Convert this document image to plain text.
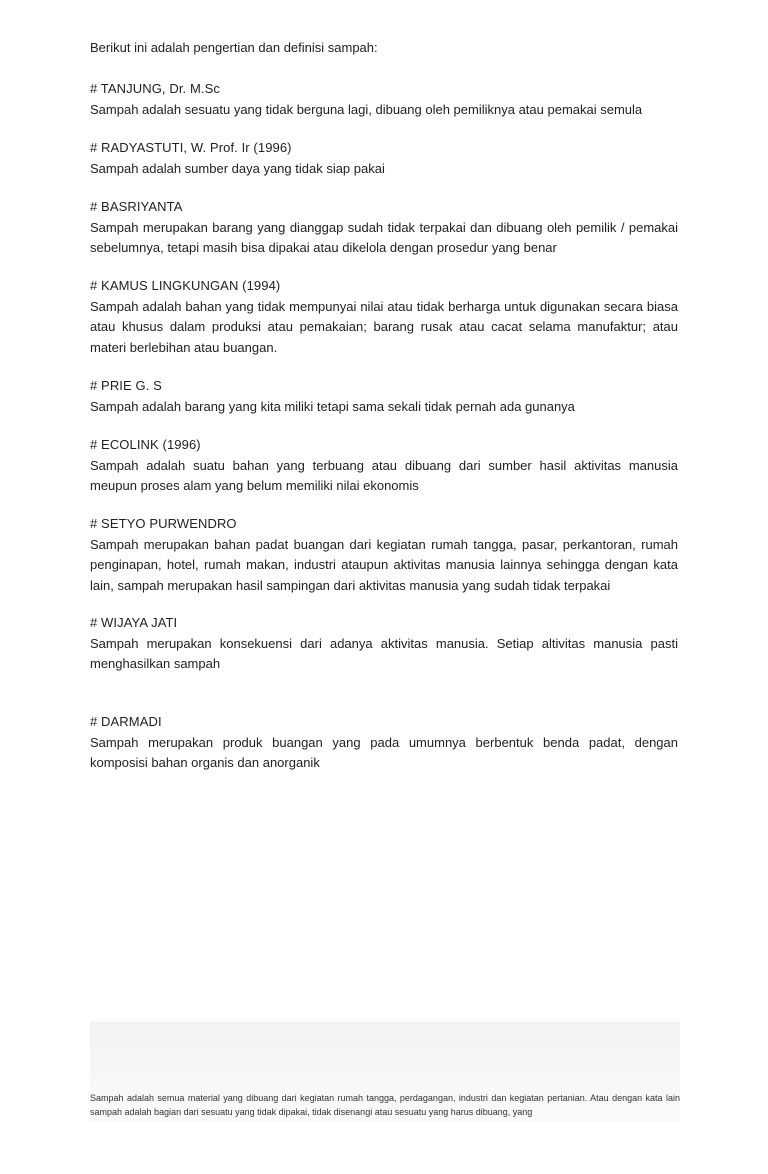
Berikut ini adalah pengertian dan definisi sampah:
# TANJUNG, Dr. M.Sc
Sampah adalah sesuatu yang tidak berguna lagi, dibuang oleh pemiliknya atau pemakai semula
# RADYASTUTI, W. Prof. Ir (1996)
Sampah adalah sumber daya yang tidak siap pakai
# BASRIYANTA
Sampah merupakan barang yang dianggap sudah tidak terpakai dan dibuang oleh pemilik / pemakai sebelumnya, tetapi masih bisa dipakai atau dikelola dengan prosedur yang benar
# KAMUS LINGKUNGAN (1994)
Sampah adalah bahan yang tidak mempunyai nilai atau tidak berharga untuk digunakan secara biasa atau khusus dalam produksi atau pemakaian; barang rusak atau cacat selama manufaktur; atau materi berlebihan atau buangan.
# PRIE G. S
Sampah adalah barang yang kita miliki tetapi sama sekali tidak pernah ada gunanya
# ECOLINK (1996)
Sampah adalah suatu bahan yang terbuang atau dibuang dari sumber hasil aktivitas manusia meupun proses alam yang belum memiliki nilai ekonomis
# SETYO PURWENDRO
Sampah merupakan bahan padat buangan dari kegiatan rumah tangga, pasar, perkantoran, rumah penginapan, hotel, rumah makan, industri ataupun aktivitas manusia lainnya sehingga dengan kata lain, sampah merupakan hasil sampingan dari aktivitas manusia yang sudah tidak terpakai
# WIJAYA JATI
Sampah merupakan konsekuensi dari adanya aktivitas manusia. Setiap altivitas manusia pasti menghasilkan sampah
# DARMADI
Sampah merupakan produk buangan yang pada umumnya berbentuk benda padat, dengan komposisi bahan organis dan anorganik
Sampah adalah semua material yang dibuang dari kegiatan rumah tangga, perdagangan, industri dan kegiatan pertanian. Atau dengan kata lain sampah adalah bagian dari sesuatu yang tidak dipakai, tidak disenangi atau sesuatu yang harus dibuang, yang
